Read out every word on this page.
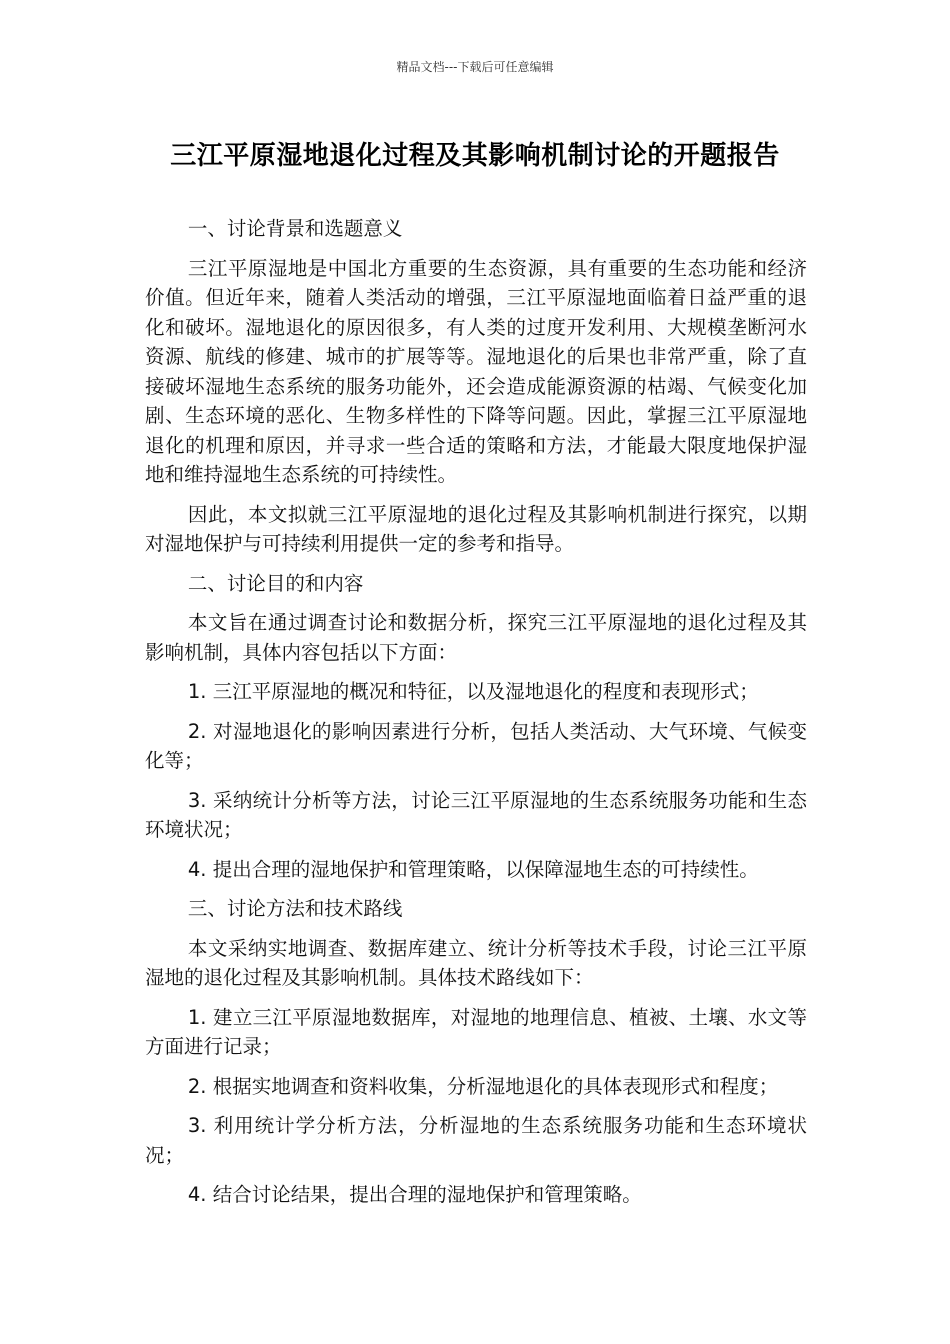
精品文档---下载后可任意编辑
三江平原湿地退化过程及其影响机制讨论的开题报告

一、讨论背景和选题意义

三江平原湿地是中国北方重要的生态资源，具有重要的生态功能和经济价值。但近年来，随着人类活动的增强，三江平原湿地面临着日益严重的退化和破坏。湿地退化的原因很多，有人类的过度开发利用、大规模垄断河水资源、航线的修建、城市的扩展等等。湿地退化的后果也非常严重，除了直接破坏湿地生态系统的服务功能外，还会造成能源资源的枯竭、气候变化加剧、生态环境的恶化、生物多样性的下降等问题。因此，掌握三江平原湿地退化的机理和原因，并寻求一些合适的策略和方法，才能最大限度地保护湿地和维持湿地生态系统的可持续性。

因此，本文拟就三江平原湿地的退化过程及其影响机制进行探究，以期对湿地保护与可持续利用提供一定的参考和指导。

二、讨论目的和内容

本文旨在通过调查讨论和数据分析，探究三江平原湿地的退化过程及其影响机制，具体内容包括以下方面：

1. 三江平原湿地的概况和特征，以及湿地退化的程度和表现形式；

2. 对湿地退化的影响因素进行分析，包括人类活动、大气环境、气候变化等；

3. 采纳统计分析等方法，讨论三江平原湿地的生态系统服务功能和生态环境状况；

4. 提出合理的湿地保护和管理策略，以保障湿地生态的可持续性。

三、讨论方法和技术路线

本文采纳实地调查、数据库建立、统计分析等技术手段，讨论三江平原湿地的退化过程及其影响机制。具体技术路线如下：

1. 建立三江平原湿地数据库，对湿地的地理信息、植被、土壤、水文等方面进行记录；

2. 根据实地调查和资料收集，分析湿地退化的具体表现形式和程度；

3. 利用统计学分析方法，分析湿地的生态系统服务功能和生态环境状况；

4. 结合讨论结果，提出合理的湿地保护和管理策略。
